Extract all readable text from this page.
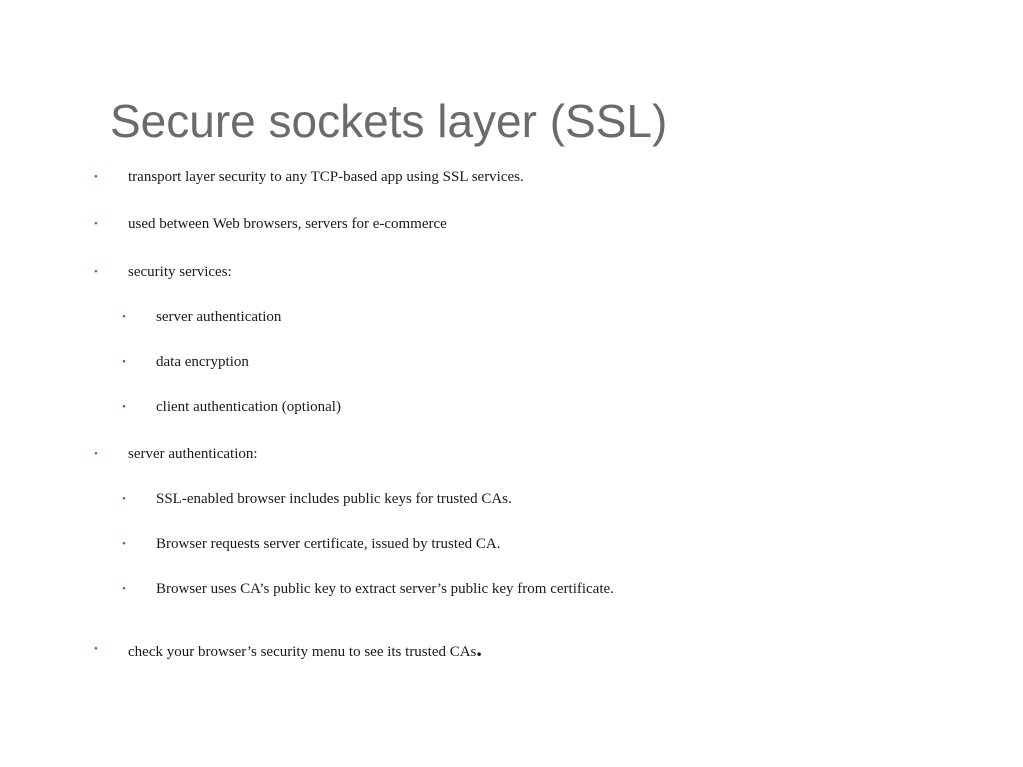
Secure sockets layer (SSL)
• transport layer security to any TCP-based app using SSL services.
• used between Web browsers, servers for e-commerce
• security services:
• server authentication
• data encryption
• client authentication (optional)
• server authentication:
• SSL-enabled browser includes public keys for trusted CAs.
• Browser requests server certificate, issued by trusted CA.
• Browser uses CA’s public key to extract server’s public key from certificate.
• check your browser’s security menu to see its trusted CAs.
